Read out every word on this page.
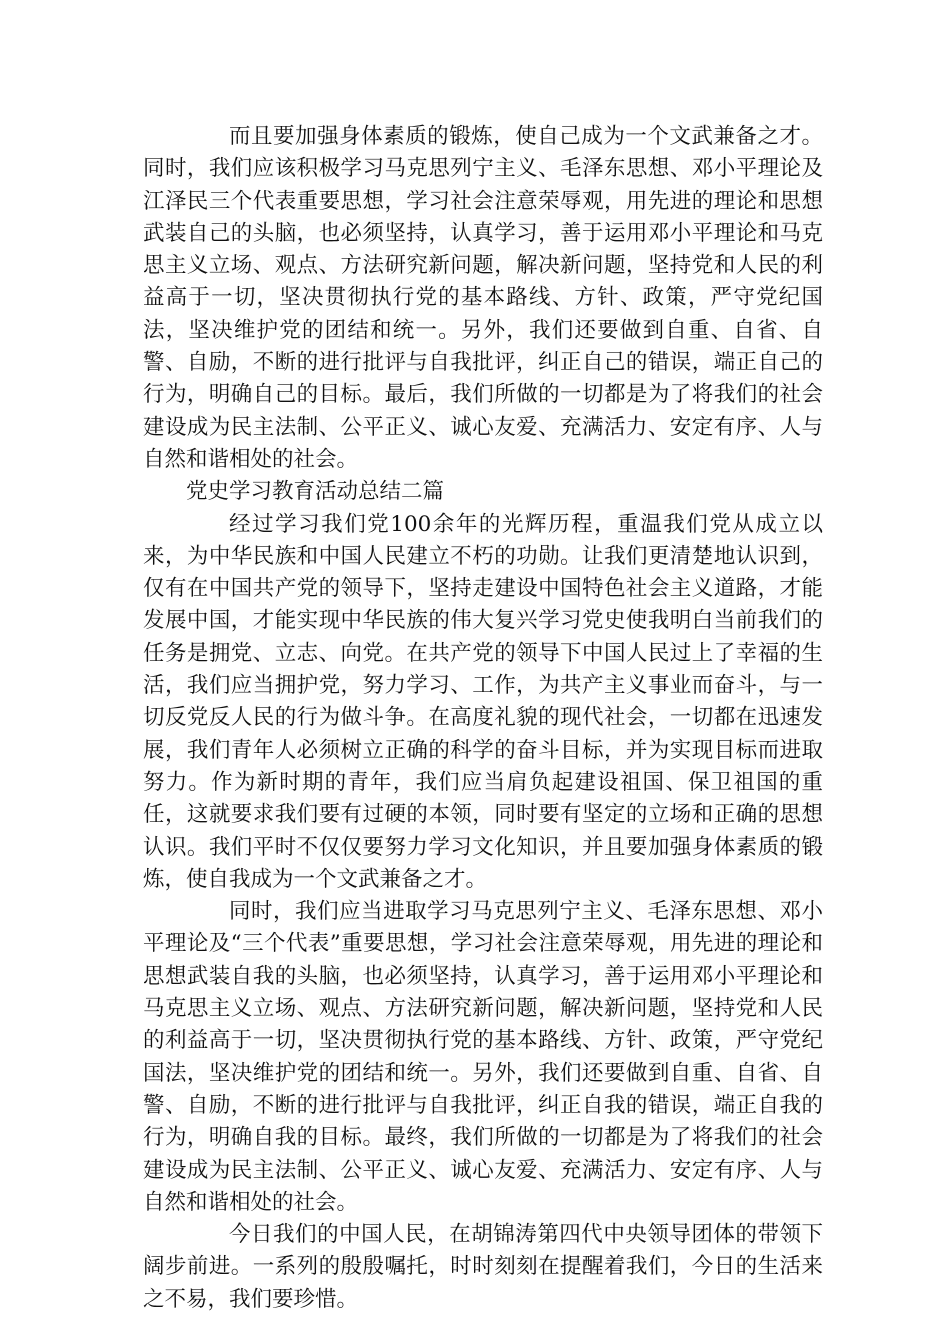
而且要加强身体素质的锻炼，使自己成为一个文武兼备之才。同时，我们应该积极学习马克思列宁主义、毛泽东思想、邓小平理论及江泽民三个代表重要思想，学习社会注意荣辱观，用先进的理论和思想武装自己的头脑，也必须坚持，认真学习，善于运用邓小平理论和马克思主义立场、观点、方法研究新问题，解决新问题，坚持党和人民的利益高于一切，坚决贯彻执行党的基本路线、方针、政策，严守党纪国法，坚决维护党的团结和统一。另外，我们还要做到自重、自省、自警、自励，不断的进行批评与自我批评，纠正自己的错误，端正自己的行为，明确自己的目标。最后，我们所做的一切都是为了将我们的社会建设成为民主法制、公平正义、诚心友爱、充满活力、安定有序、人与自然和谐相处的社会。

党史学习教育活动总结二篇

经过学习我们党100余年的光辉历程，重温我们党从成立以来，为中华民族和中国人民建立不朽的功勋。让我们更清楚地认识到，仅有在中国共产党的领导下，坚持走建设中国特色社会主义道路，才能发展中国，才能实现中华民族的伟大复兴学习党史使我明白当前我们的任务是拥党、立志、向党。在共产党的领导下中国人民过上了幸福的生活，我们应当拥护党，努力学习、工作，为共产主义事业而奋斗，与一切反党反人民的行为做斗争。在高度礼貌的现代社会，一切都在迅速发展，我们青年人必须树立正确的科学的奋斗目标，并为实现目标而进取努力。作为新时期的青年，我们应当肩负起建设祖国、保卫祖国的重任，这就要求我们要有过硬的本领，同时要有坚定的立场和正确的思想认识。我们平时不仅仅要努力学习文化知识，并且要加强身体素质的锻炼，使自我成为一个文武兼备之才。

同时，我们应当进取学习马克思列宁主义、毛泽东思想、邓小平理论及“三个代表”重要思想，学习社会注意荣辱观，用先进的理论和思想武装自我的头脑，也必须坚持，认真学习，善于运用邓小平理论和马克思主义立场、观点、方法研究新问题，解决新问题，坚持党和人民的利益高于一切，坚决贯彻执行党的基本路线、方针、政策，严守党纪国法，坚决维护党的团结和统一。另外，我们还要做到自重、自省、自警、自励，不断的进行批评与自我批评，纠正自我的错误，端正自我的行为，明确自我的目标。最终，我们所做的一切都是为了将我们的社会建设成为民主法制、公平正义、诚心友爱、充满活力、安定有序、人与自然和谐相处的社会。

今日我们的中国人民，在胡锦涛第四代中央领导团体的带领下阔步前进。一系列的殷殷嘱托，时时刻刻在提醒着我们，今日的生活来之不易，我们要珍惜。
